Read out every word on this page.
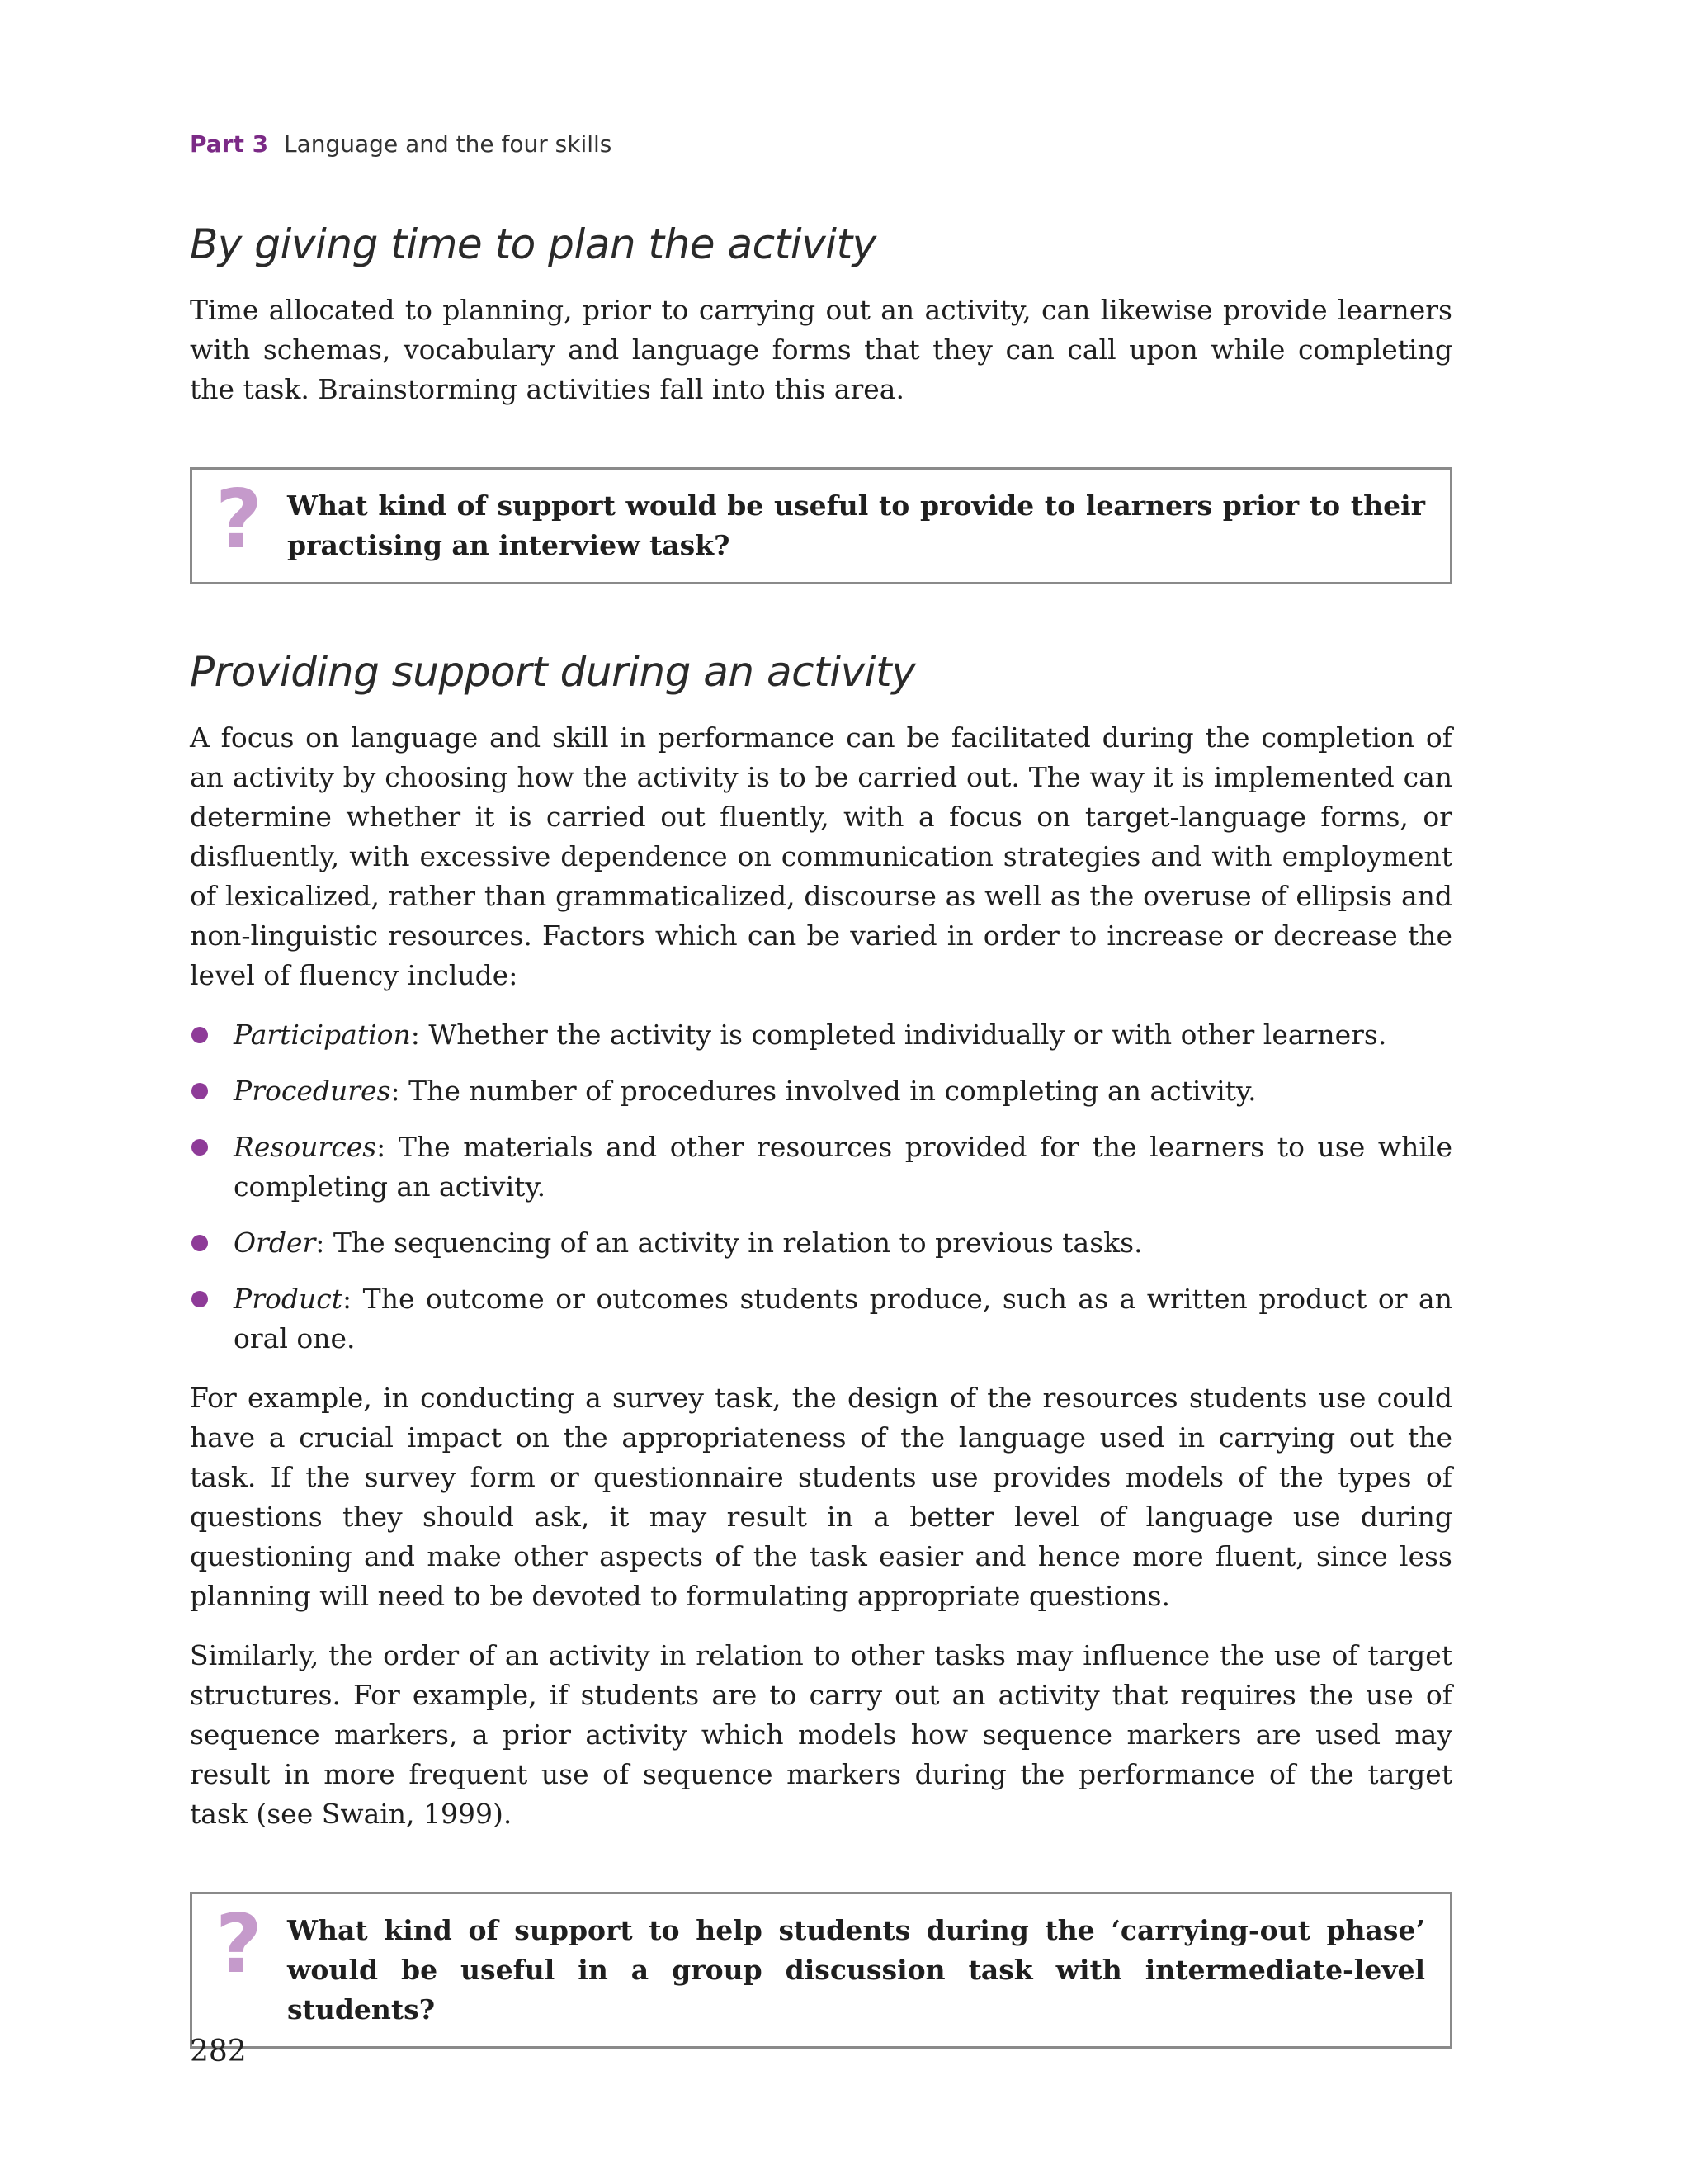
Part 3 Language and the four skills
By giving time to plan the activity

Time allocated to planning, prior to carrying out an activity, can likewise provide learners with schemas, vocabulary and language forms that they can call upon while completing the task. Brainstorming activities fall into this area.

? What kind of support would be useful to provide to learners prior to their practising an interview task?

Providing support during an activity

A focus on language and skill in performance can be facilitated during the completion of an activity by choosing how the activity is to be carried out. The way it is implemented can determine whether it is carried out fluently, with a focus on target-language forms, or disfluently, with excessive dependence on communication strategies and with employment of lexicalized, rather than grammaticalized, discourse as well as the overuse of ellipsis and non-linguistic resources. Factors which can be varied in order to increase or decrease the level of fluency include:

Participation: Whether the activity is completed individually or with other learners.
Procedures: The number of procedures involved in completing an activity.
Resources: The materials and other resources provided for the learners to use while completing an activity.
Order: The sequencing of an activity in relation to previous tasks.
Product: The outcome or outcomes students produce, such as a written product or an oral one.

For example, in conducting a survey task, the design of the resources students use could have a crucial impact on the appropriateness of the language used in carrying out the task. If the survey form or questionnaire students use provides models of the types of questions they should ask, it may result in a better level of language use during questioning and make other aspects of the task easier and hence more fluent, since less planning will need to be devoted to formulating appropriate questions.

Similarly, the order of an activity in relation to other tasks may influence the use of target structures. For example, if students are to carry out an activity that requires the use of sequence markers, a prior activity which models how sequence markers are used may result in more frequent use of sequence markers during the performance of the target task (see Swain, 1999).

? What kind of support to help students during the ‘carrying-out phase’ would be useful in a group discussion task with intermediate-level students?

282
